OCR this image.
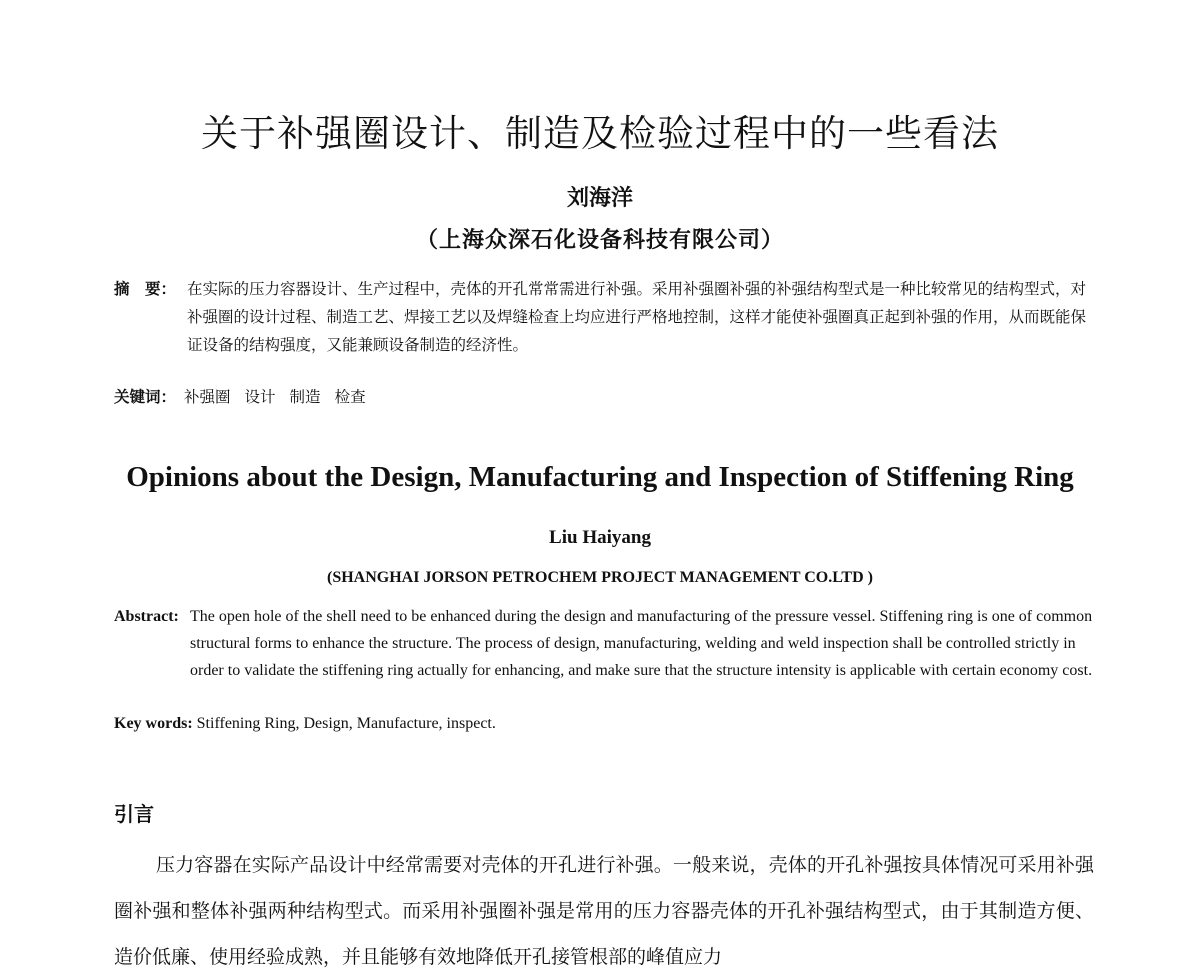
关于补强圈设计、制造及检验过程中的一些看法
刘海洋
（上海众深石化设备科技有限公司）
摘　要： 在实际的压力容器设计、生产过程中，壳体的开孔常常需进行补强。采用补强圈补强的补强结构型式是一种比较常见的结构型式，对补强圈的设计过程、制造工艺、焊接工艺以及焊缝检查上均应进行严格地控制，这样才能使补强圈真正起到补强的作用，从而既能保证设备的结构强度，又能兼顾设备制造的经济性。
关键词： 补强圈 设计 制造 检查
Opinions about the Design, Manufacturing and Inspection of Stiffening Ring
Liu Haiyang
(SHANGHAI JORSON PETROCHEM PROJECT MANAGEMENT CO.LTD )
Abstract: The open hole of the shell need to be enhanced during the design and manufacturing of the pressure vessel. Stiffening ring is one of common structural forms to enhance the structure. The process of design, manufacturing, welding and weld inspection shall be controlled strictly in order to validate the stiffening ring actually for enhancing, and make sure that the structure intensity is applicable with certain economy cost.
Key words: Stiffening Ring, Design, Manufacture, inspect.
引言
压力容器在实际产品设计中经常需要对壳体的开孔进行补强。一般来说，壳体的开孔补强按具体情况可采用补强圈补强和整体补强两种结构型式。而采用补强圈补强是常用的压力容器壳体的开孔补强结构型式，由于其制造方便、造价低廉、使用经验成熟，并且能够有效地降低开孔接管根部的峰值应力
